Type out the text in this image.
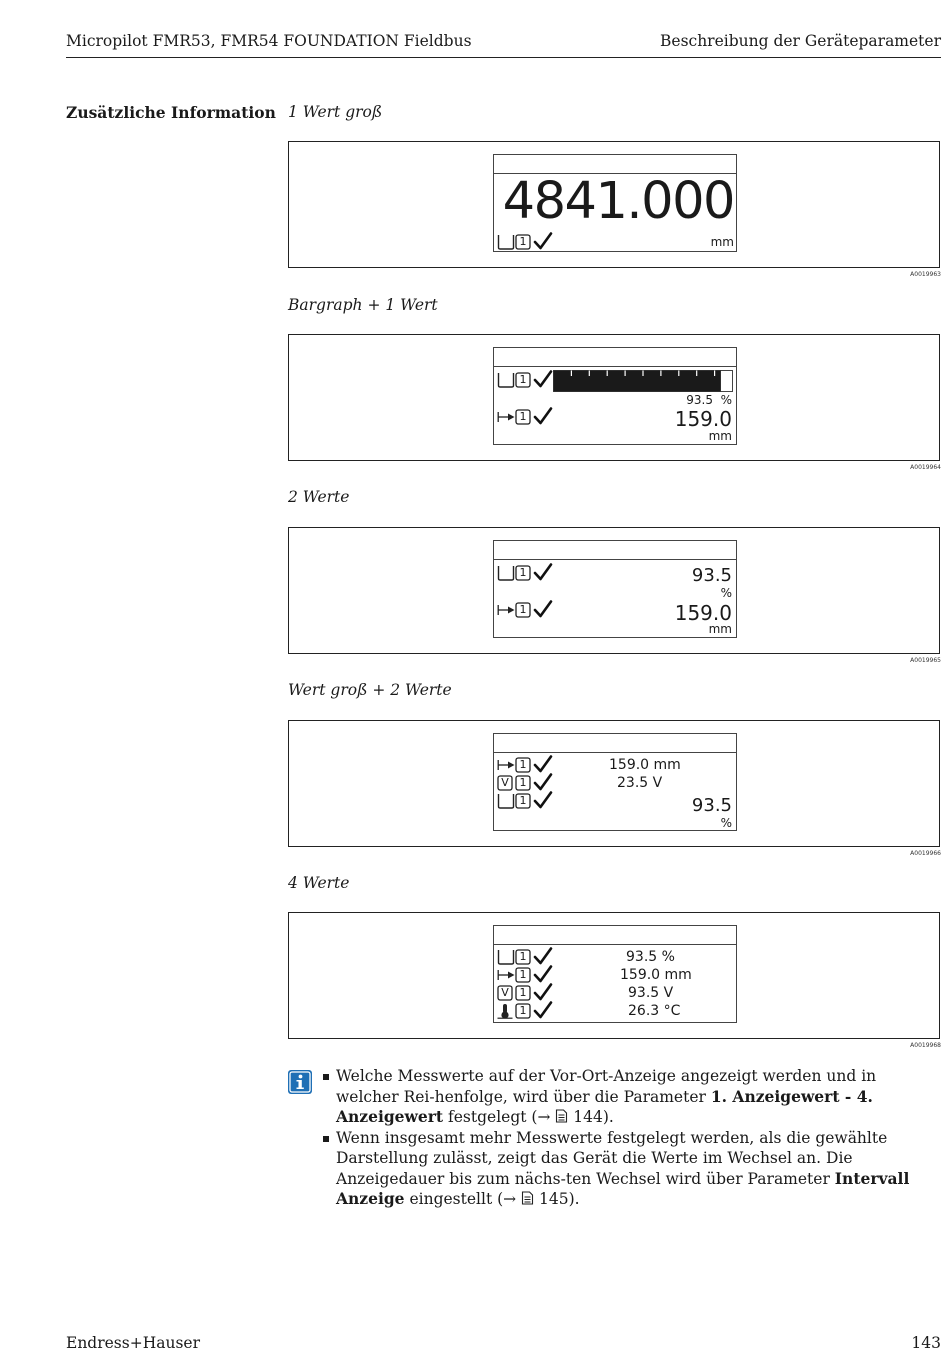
Micropilot FMR53, FMR54 FOUNDATION Fieldbus	Beschreibung der Geräteparameter
Zusätzliche Information 1 Wert groß
4841.000
1	mm
A0019963
Bargraph + 1 Wert
1
93.5 %
1	159.0
mm
A0019964
2 Werte
1	93.5
%
1	159.0
mm
A0019965
Wert groß + 2 Werte
1	159.0 mm
V 1	23.5 V
1	93.5
%
A0019966
4 Werte
1	93.5 %
1	159.0 mm
V 1	93.5 V
1	26.3 °C
A0019968
Welche Messwerte auf der Vor-Ort-Anzeige angezeigt werden und in welcher Rei-henfolge, wird über die Parameter 1. Anzeigewert - 4. Anzeigewert festgelegt (→  144).
Wenn insgesamt mehr Messwerte festgelegt werden, als die gewählte Darstellung zulässt, zeigt das Gerät die Werte im Wechsel an. Die Anzeigedauer bis zum nächs-ten Wechsel wird über Parameter Intervall Anzeige eingestellt (→  145).
Endress+Hauser	143
